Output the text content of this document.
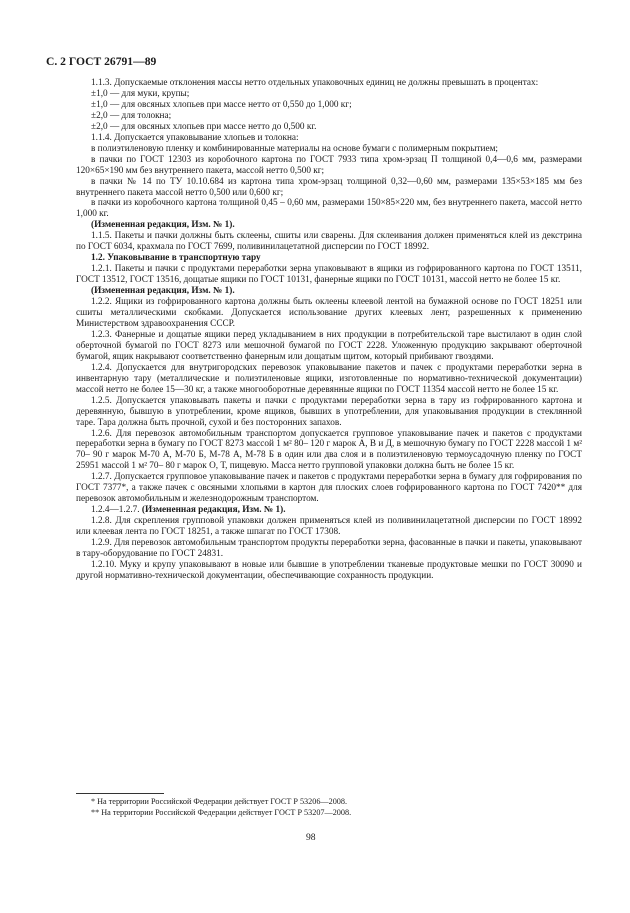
С. 2 ГОСТ 26791—89

1.1.3. Допускаемые отклонения массы нетто отдельных упаковочных единиц не должны превышать в процентах:

±1,0 — для муки, крупы;

±1,0 — для овсяных хлопьев при массе нетто от 0,550 до 1,000 кг;

±2,0 — для толокна;

±2,0 — для овсяных хлопьев при массе нетто до 0,500 кг.

1.1.4. Допускается упаковывание хлопьев и толокна:

в полиэтиленовую пленку и комбинированные материалы на основе бумаги с полимерным покрытием;

в пачки по ГОСТ 12303 из коробочного картона по ГОСТ 7933 типа хром-эрзац П толщиной 0,4—0,6 мм, размерами 120×65×190 мм без внутреннего пакета, массой нетто 0,500 кг;

в пачки № 14 по ТУ 10.10.684 из картона типа хром-эрзац толщиной 0,32—0,60 мм, размерами 135×53×185 мм без внутреннего пакета массой нетто 0,500 или 0,600 кг;

в пачки из коробочного картона толщиной 0,45 – 0,60 мм, размерами 150×85×220 мм, без внутреннего пакета, массой нетто 1,000 кг.

(Измененная редакция, Изм. № 1).

1.1.5. Пакеты и пачки должны быть склеены, сшиты или сварены. Для склеивания должен применяться клей из декстрина по ГОСТ 6034, крахмала по ГОСТ 7699, поливинилацетатной дисперсии по ГОСТ 18992.

1.2. Упаковывание в транспортную тару

1.2.1. Пакеты и пачки с продуктами переработки зерна упаковывают в ящики из гофрированного картона по ГОСТ 13511, ГОСТ 13512, ГОСТ 13516, дощатые ящики по ГОСТ 10131, фанерные ящики по ГОСТ 10131, массой нетто не более 15 кг.

(Измененная редакция, Изм. № 1).

1.2.2. Ящики из гофрированного картона должны быть оклеены клеевой лентой на бумажной основе по ГОСТ 18251 или сшиты металлическими скобками. Допускается использование других клеевых лент, разрешенных к применению Министерством здравоохранения СССР.

1.2.3. Фанерные и дощатые ящики перед укладыванием в них продукции в потребительской таре выстилают в один слой оберточной бумагой по ГОСТ 8273 или мешочной бумагой по ГОСТ 2228. Уложенную продукцию закрывают оберточной бумагой, ящик накрывают соответственно фанерным или дощатым щитом, который прибивают гвоздями.

1.2.4. Допускается для внутригородских перевозок упаковывание пакетов и пачек с продуктами переработки зерна в инвентарную тару (металлические и полиэтиленовые ящики, изготовленные по нормативно-технической документации) массой нетто не более 15—30 кг, а также многооборотные деревянные ящики по ГОСТ 11354 массой нетто не более 15 кг.

1.2.5. Допускается упаковывать пакеты и пачки с продуктами переработки зерна в тару из гофрированного картона и деревянную, бывшую в употреблении, кроме ящиков, бывших в употреблении, для упаковывания продукции в стеклянной таре. Тара должна быть прочной, сухой и без посторонних запахов.

1.2.6. Для перевозок автомобильным транспортом допускается групповое упаковывание пачек и пакетов с продуктами переработки зерна в бумагу по ГОСТ 8273 массой 1 м² 80– 120 г марок А, В и Д, в мешочную бумагу по ГОСТ 2228 массой 1 м² 70– 90 г марок М-70 А, М-70 Б, М-78 А, М-78 Б в один или два слоя и в полиэтиленовую термоусадочную пленку по ГОСТ 25951 массой 1 м² 70– 80 г марок О, Т, пищевую. Масса нетто групповой упаковки должна быть не более 15 кг.

1.2.7. Допускается групповое упаковывание пачек и пакетов с продуктами переработки зерна в бумагу для гофрирования по ГОСТ 7377*, а также пачек с овсяными хлопьями в картон для плоских слоев гофрированного картона по ГОСТ 7420** для перевозок автомобильным и железнодорожным транспортом.

1.2.4—1.2.7. (Измененная редакция, Изм. № 1).

1.2.8. Для скрепления групповой упаковки должен применяться клей из поливинилацетатной дисперсии по ГОСТ 18992 или клеевая лента по ГОСТ 18251, а также шпагат по ГОСТ 17308.

1.2.9. Для перевозок автомобильным транспортом продукты переработки зерна, фасованные в пачки и пакеты, упаковывают в тару-оборудование по ГОСТ 24831.

1.2.10. Муку и крупу упаковывают в новые или бывшие в употреблении тканевые продуктовые мешки по ГОСТ 30090 и другой нормативно-технической документации, обеспечивающие сохранность продукции.

* На территории Российской Федерации действует ГОСТ Р 53206—2008.
** На территории Российской Федерации действует ГОСТ Р 53207—2008.
98
